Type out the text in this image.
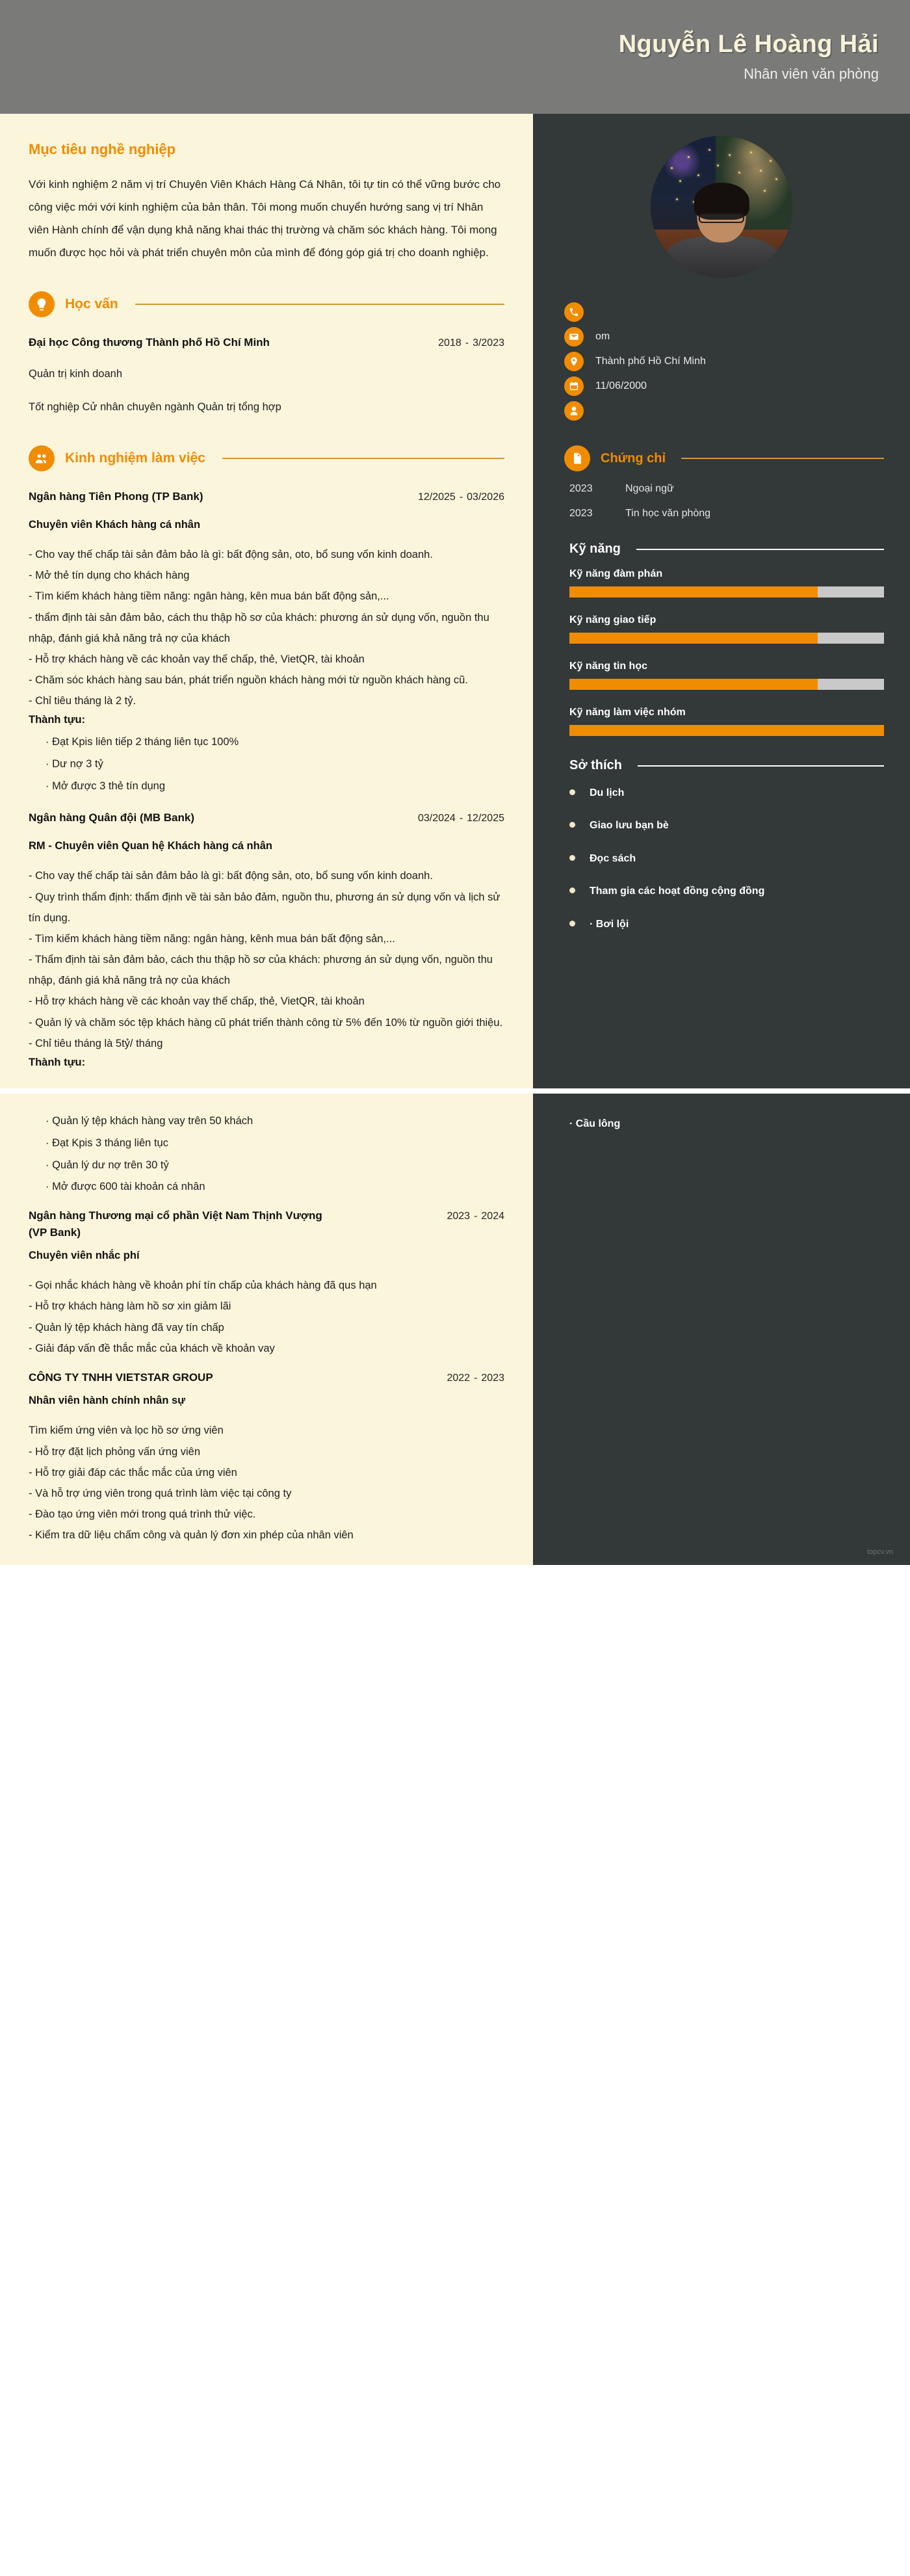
Nguyễn Lê Hoàng Hải
Nhân viên văn phòng
Mục tiêu nghề nghiệp
Với kinh nghiệm 2 năm vị trí Chuyên Viên Khách Hàng Cá Nhân, tôi tự tin có thể vững bước cho công việc mới với kinh nghiệm của bản thân. Tôi mong muốn chuyển hướng sang vị trí Nhân viên Hành chính để vận dụng khả năng khai thác thị trường và chăm sóc khách hàng. Tôi mong muốn được học hỏi và phát triển chuyên môn của mình để đóng góp giá trị cho doanh nghiệp.
Học vấn
Đại học Công thương Thành phố Hồ Chí Minh	2018 - 3/2023
Quản trị kinh doanh
Tốt nghiệp Cử nhân chuyên ngành Quản trị tổng hợp
Kinh nghiệm làm việc
Ngân hàng Tiên Phong (TP Bank)	12/2025 - 03/2026
Chuyên viên Khách hàng cá nhân
- Cho vay thế chấp tài sản đảm bảo là gì: bất động sản, oto, bổ sung vốn kinh doanh.
- Mở thẻ tín dụng cho khách hàng
- Tìm kiếm khách hàng tiềm năng: ngân hàng, kên mua bán bất động sản,...
- thẩm định tài sản đảm bảo, cách thu thập hồ sơ của khách: phương án sử dụng vốn, nguồn thu nhập, đánh giá khả năng trả nợ của khách
- Hỗ trợ khách hàng về các khoản vay thế chấp, thẻ, VietQR, tài khoản
- Chăm sóc khách hàng sau bán, phát triển nguồn khách hàng mới từ nguồn khách hàng cũ.
- Chỉ tiêu tháng là 2 tỷ.
Thành tựu:
· Đạt Kpis liên tiếp 2 tháng liên tục 100%
· Dư nợ 3 tỷ
· Mở được 3 thẻ tín dụng
Ngân hàng Quân đội (MB Bank)	03/2024 - 12/2025
RM - Chuyên viên Quan hệ Khách hàng cá nhân
- Cho vay thế chấp tài sản đảm bảo là gì: bất động sản, oto, bổ sung vốn kinh doanh.
- Quy trình thẩm định: thẩm định về tài sản bảo đảm, nguồn thu, phương án sử dụng vốn và lịch sử tín dụng.
- Tìm kiếm khách hàng tiềm năng: ngân hàng, kênh mua bán bất động sản,...
- Thẩm định tài sản đảm bảo, cách thu thập hồ sơ của khách: phương án sử dụng vốn, nguồn thu nhập, đánh giá khả năng trả nợ của khách
- Hỗ trợ khách hàng về các khoản vay thế chấp, thẻ, VietQR, tài khoản
- Quản lý và chăm sóc tệp khách hàng cũ phát triển thành công từ 5% đến 10% từ nguồn giới thiệu.
- Chỉ tiêu tháng là 5tỷ/ tháng
Thành tựu:
om
Thành phố Hồ Chí Minh
11/06/2000
Chứng chỉ
2023	Ngoại ngữ
2023	Tin học văn phòng
Kỹ năng
Kỹ năng đàm phán
Kỹ năng giao tiếp
Kỹ năng tin học
Kỹ năng làm việc nhóm
Sở thích
Du lịch
Giao lưu bạn bè
Đọc sách
Tham gia các hoạt đồng cộng đồng
· Bơi lội
· Quản lý tệp khách hàng vay trên 50 khách
· Đạt Kpis 3 tháng liên tục
· Quản lý dư nợ trên 30 tỷ
· Mở được 600 tài khoản cá nhân
Ngân hàng Thương mại cổ phần Việt Nam Thịnh Vượng (VP Bank)
2023 - 2024
Chuyên viên nhắc phí
- Gọi nhắc khách hàng về khoản phí tín chấp của khách hàng đã qus hạn
- Hỗ trợ khách hàng làm hồ sơ xin giảm lãi
- Quản lý tệp khách hàng đã vay tín chấp
- Giải đáp vấn đề thắc mắc của khách về khoản vay
CÔNG TY TNHH VIETSTAR GROUP	2022 - 2023
Nhân viên hành chính nhân sự
Tìm kiếm ứng viên và lọc hồ sơ ứng viên
- Hỗ trợ đặt lịch phỏng vấn ứng viên
- Hỗ trợ giải đáp các thắc mắc của ứng viên
- Và hỗ trợ ứng viên trong quá trình làm việc tại công ty
- Đào tạo ứng viên mới trong quá trình thử việc.
- Kiểm tra dữ liệu chấm công và quản lý đơn xin phép của nhân viên
· Cầu lông
topcv.vn
